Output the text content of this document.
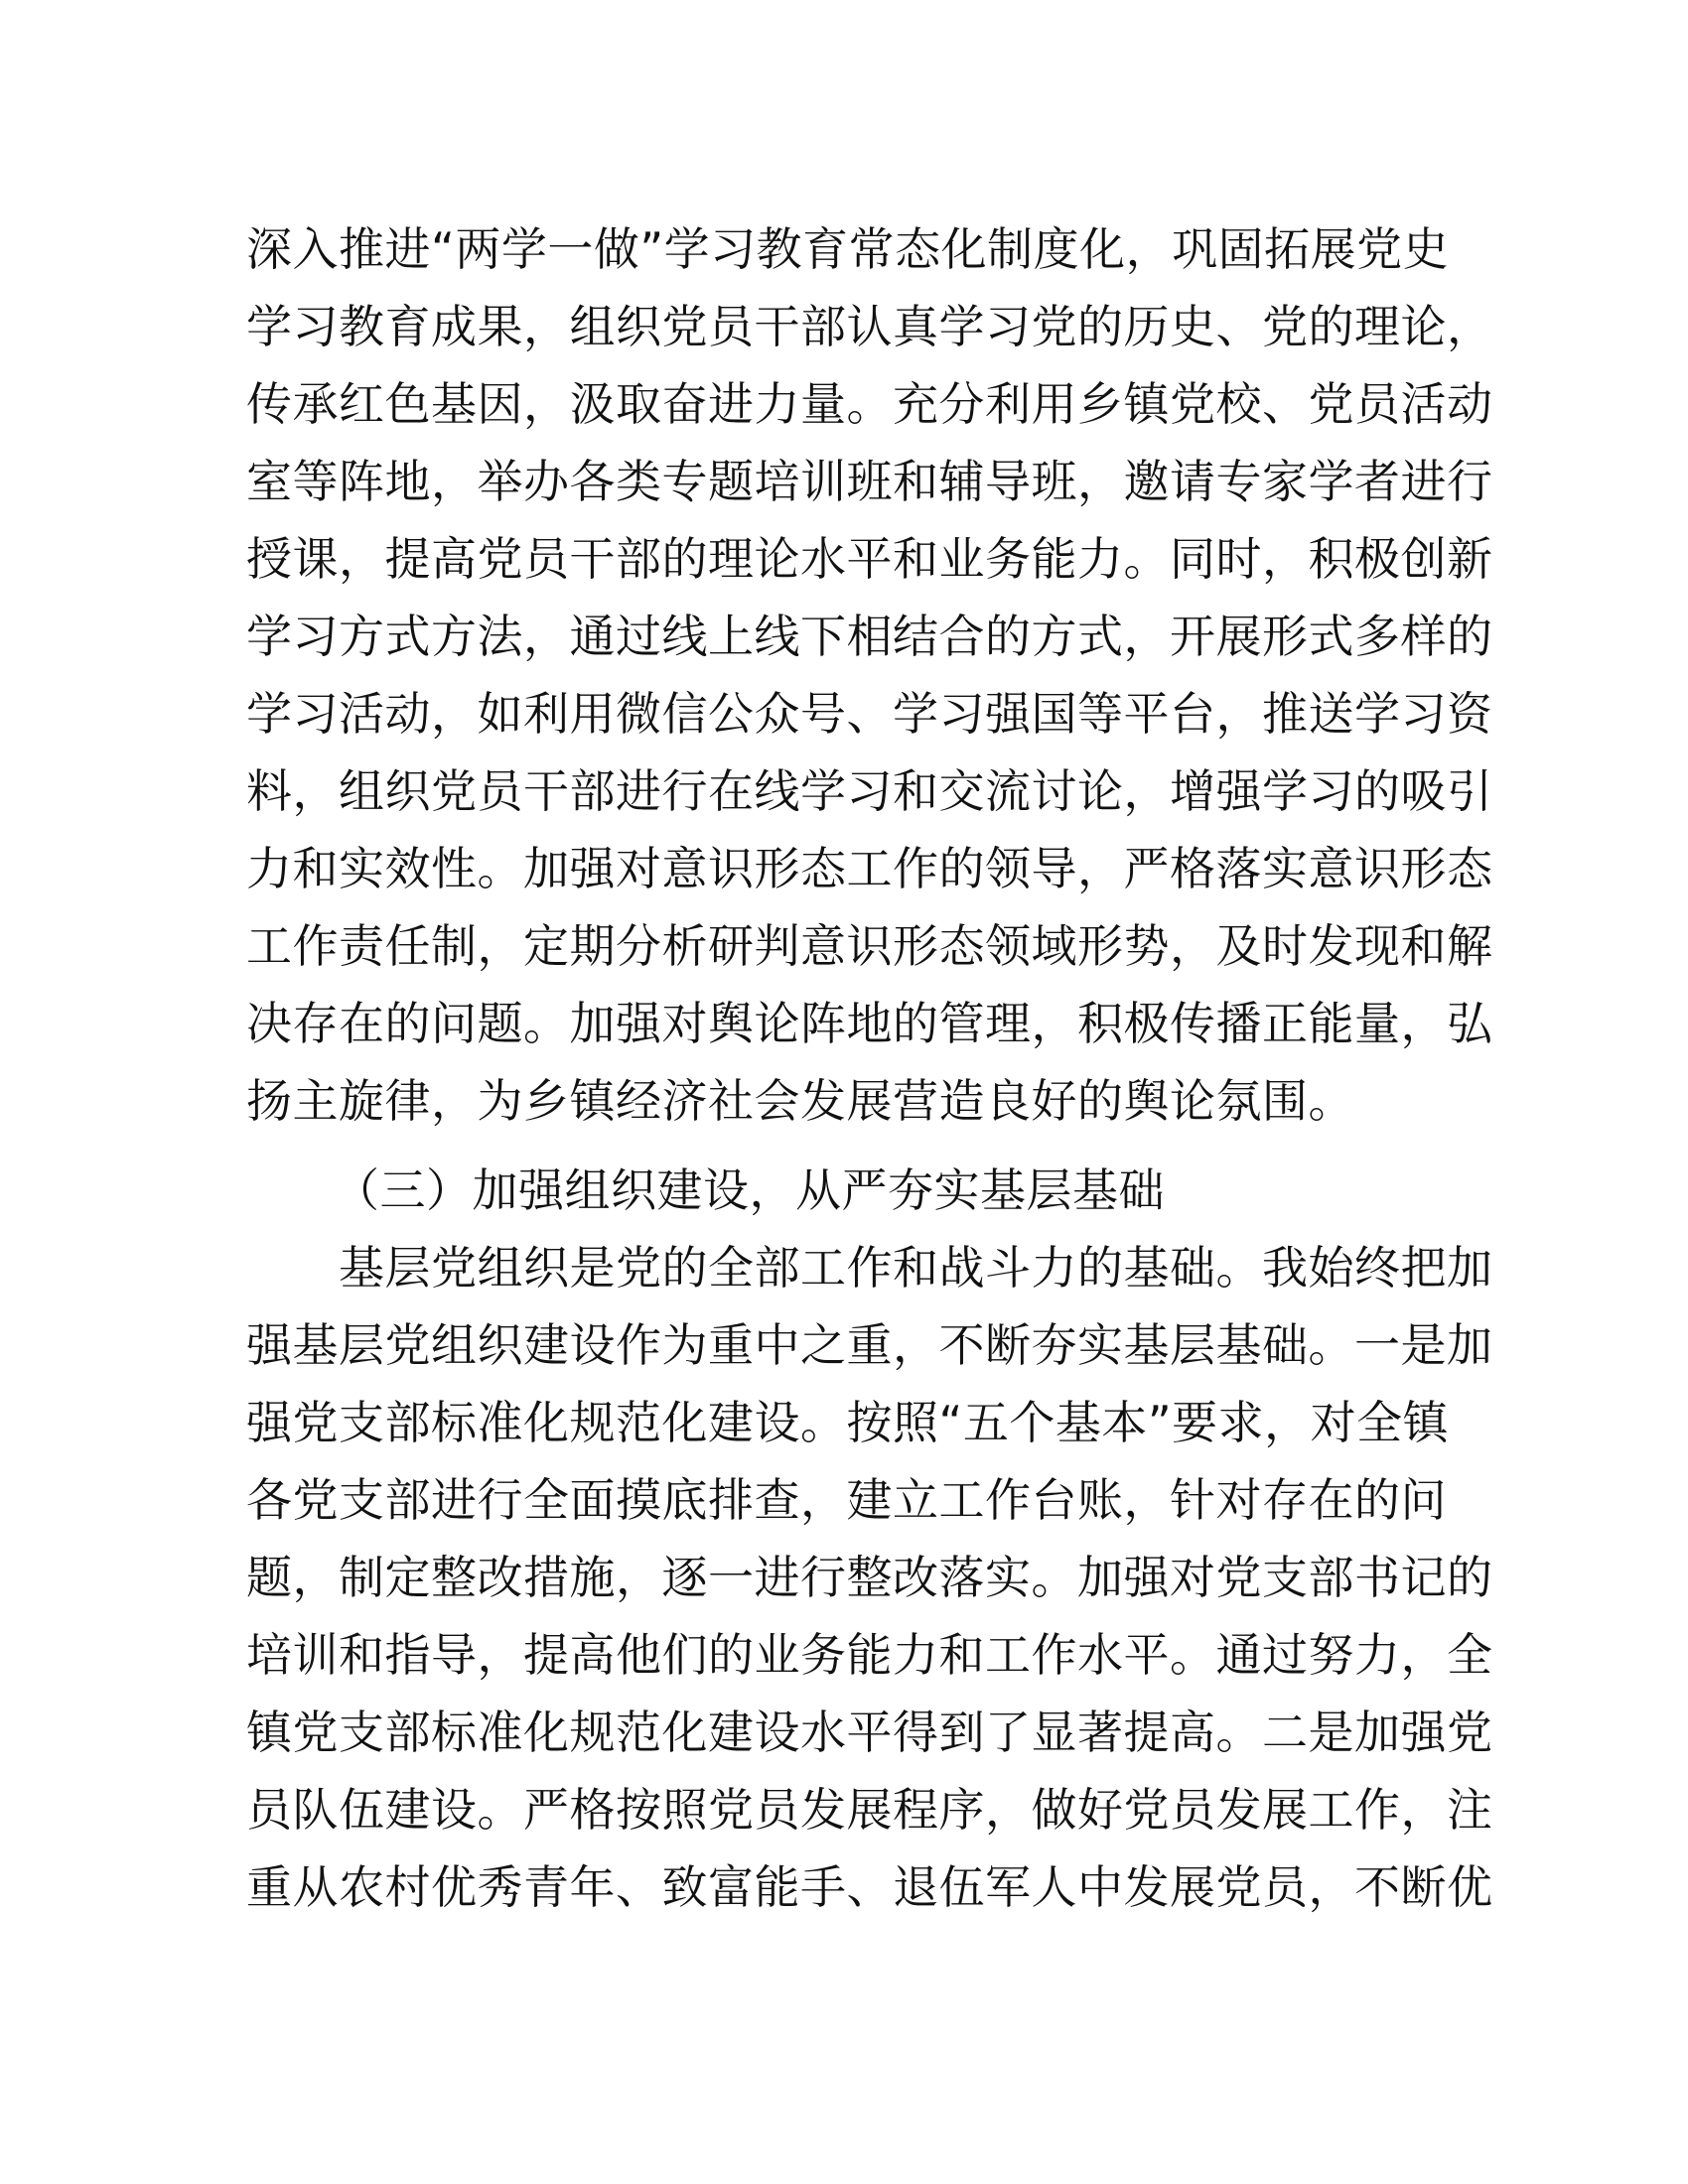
深入推进“两学一做”学习教育常态化制度化，巩固拓展党史
学习教育成果，组织党员干部认真学习党的历史、党的理论，
传承红色基因，汲取奋进力量。充分利用乡镇党校、党员活动
室等阵地，举办各类专题培训班和辅导班，邀请专家学者进行
授课，提高党员干部的理论水平和业务能力。同时，积极创新
学习方式方法，通过线上线下相结合的方式，开展形式多样的
学习活动，如利用微信公众号、学习强国等平台，推送学习资
料，组织党员干部进行在线学习和交流讨论，增强学习的吸引
力和实效性。加强对意识形态工作的领导，严格落实意识形态
工作责任制，定期分析研判意识形态领域形势，及时发现和解
决存在的问题。加强对舆论阵地的管理，积极传播正能量，弘
扬主旋律，为乡镇经济社会发展营造良好的舆论氛围。
（三）加强组织建设，从严夯实基层基础
　　基层党组织是党的全部工作和战斗力的基础。我始终把加
强基层党组织建设作为重中之重，不断夯实基层基础。一是加
强党支部标准化规范化建设。按照“五个基本”要求，对全镇
各党支部进行全面摸底排查，建立工作台账，针对存在的问
题，制定整改措施，逐一进行整改落实。加强对党支部书记的
培训和指导，提高他们的业务能力和工作水平。通过努力，全
镇党支部标准化规范化建设水平得到了显著提高。二是加强党
员队伍建设。严格按照党员发展程序，做好党员发展工作，注
重从农村优秀青年、致富能手、退伍军人中发展党员，不断优
